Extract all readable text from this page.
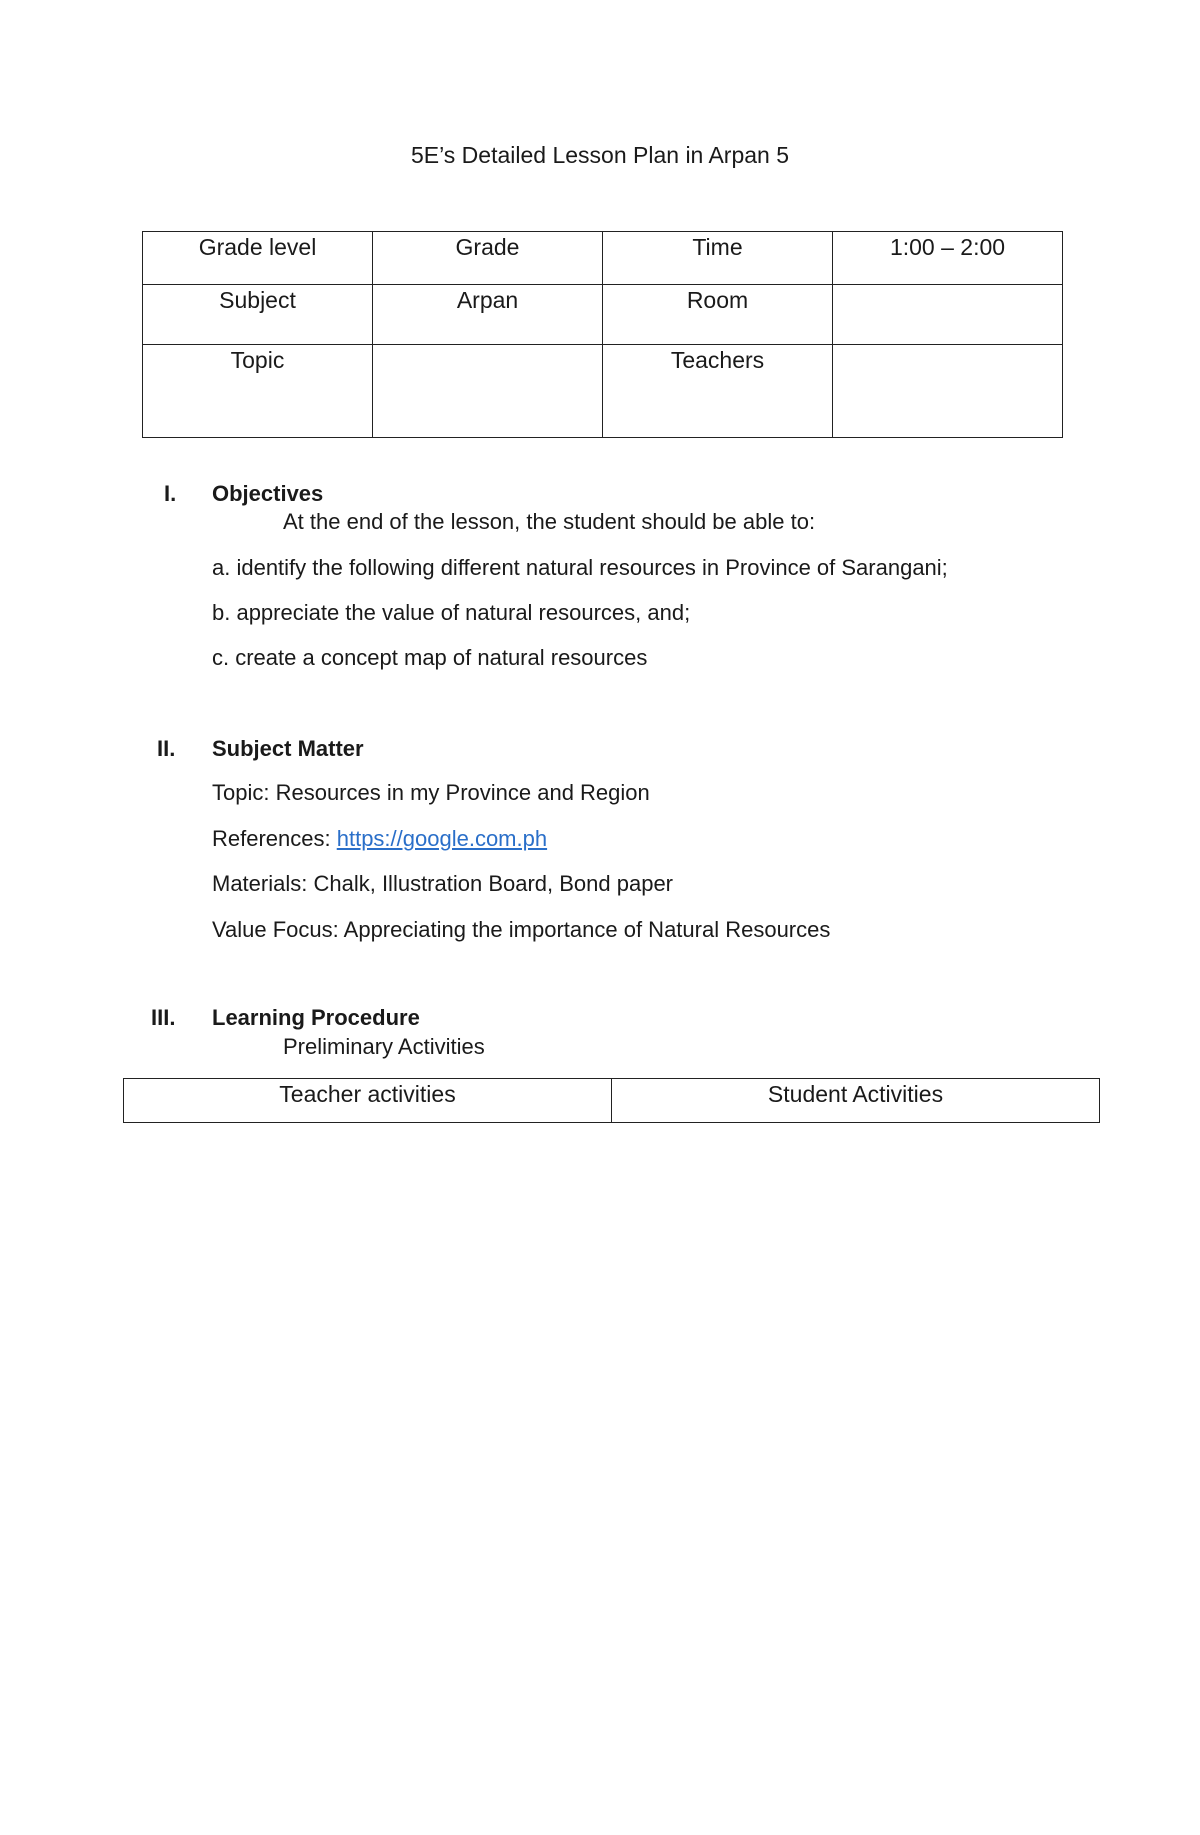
5E’s Detailed Lesson Plan in Arpan 5
Grade level	Grade	Time	1:00 – 2:00
Subject	Arpan	Room	
Topic		Teachers	
I. Objectives
At the end of the lesson, the student should be able to:
a. identify the following different natural resources in Province of Sarangani;
b. appreciate the value of natural resources, and;
c. create a concept map of natural resources
II. Subject Matter
Topic: Resources in my Province and Region
References: https://google.com.ph
Materials: Chalk, Illustration Board, Bond paper
Value Focus: Appreciating the importance of Natural Resources
III. Learning Procedure
Preliminary Activities
Teacher activities	Student Activities
